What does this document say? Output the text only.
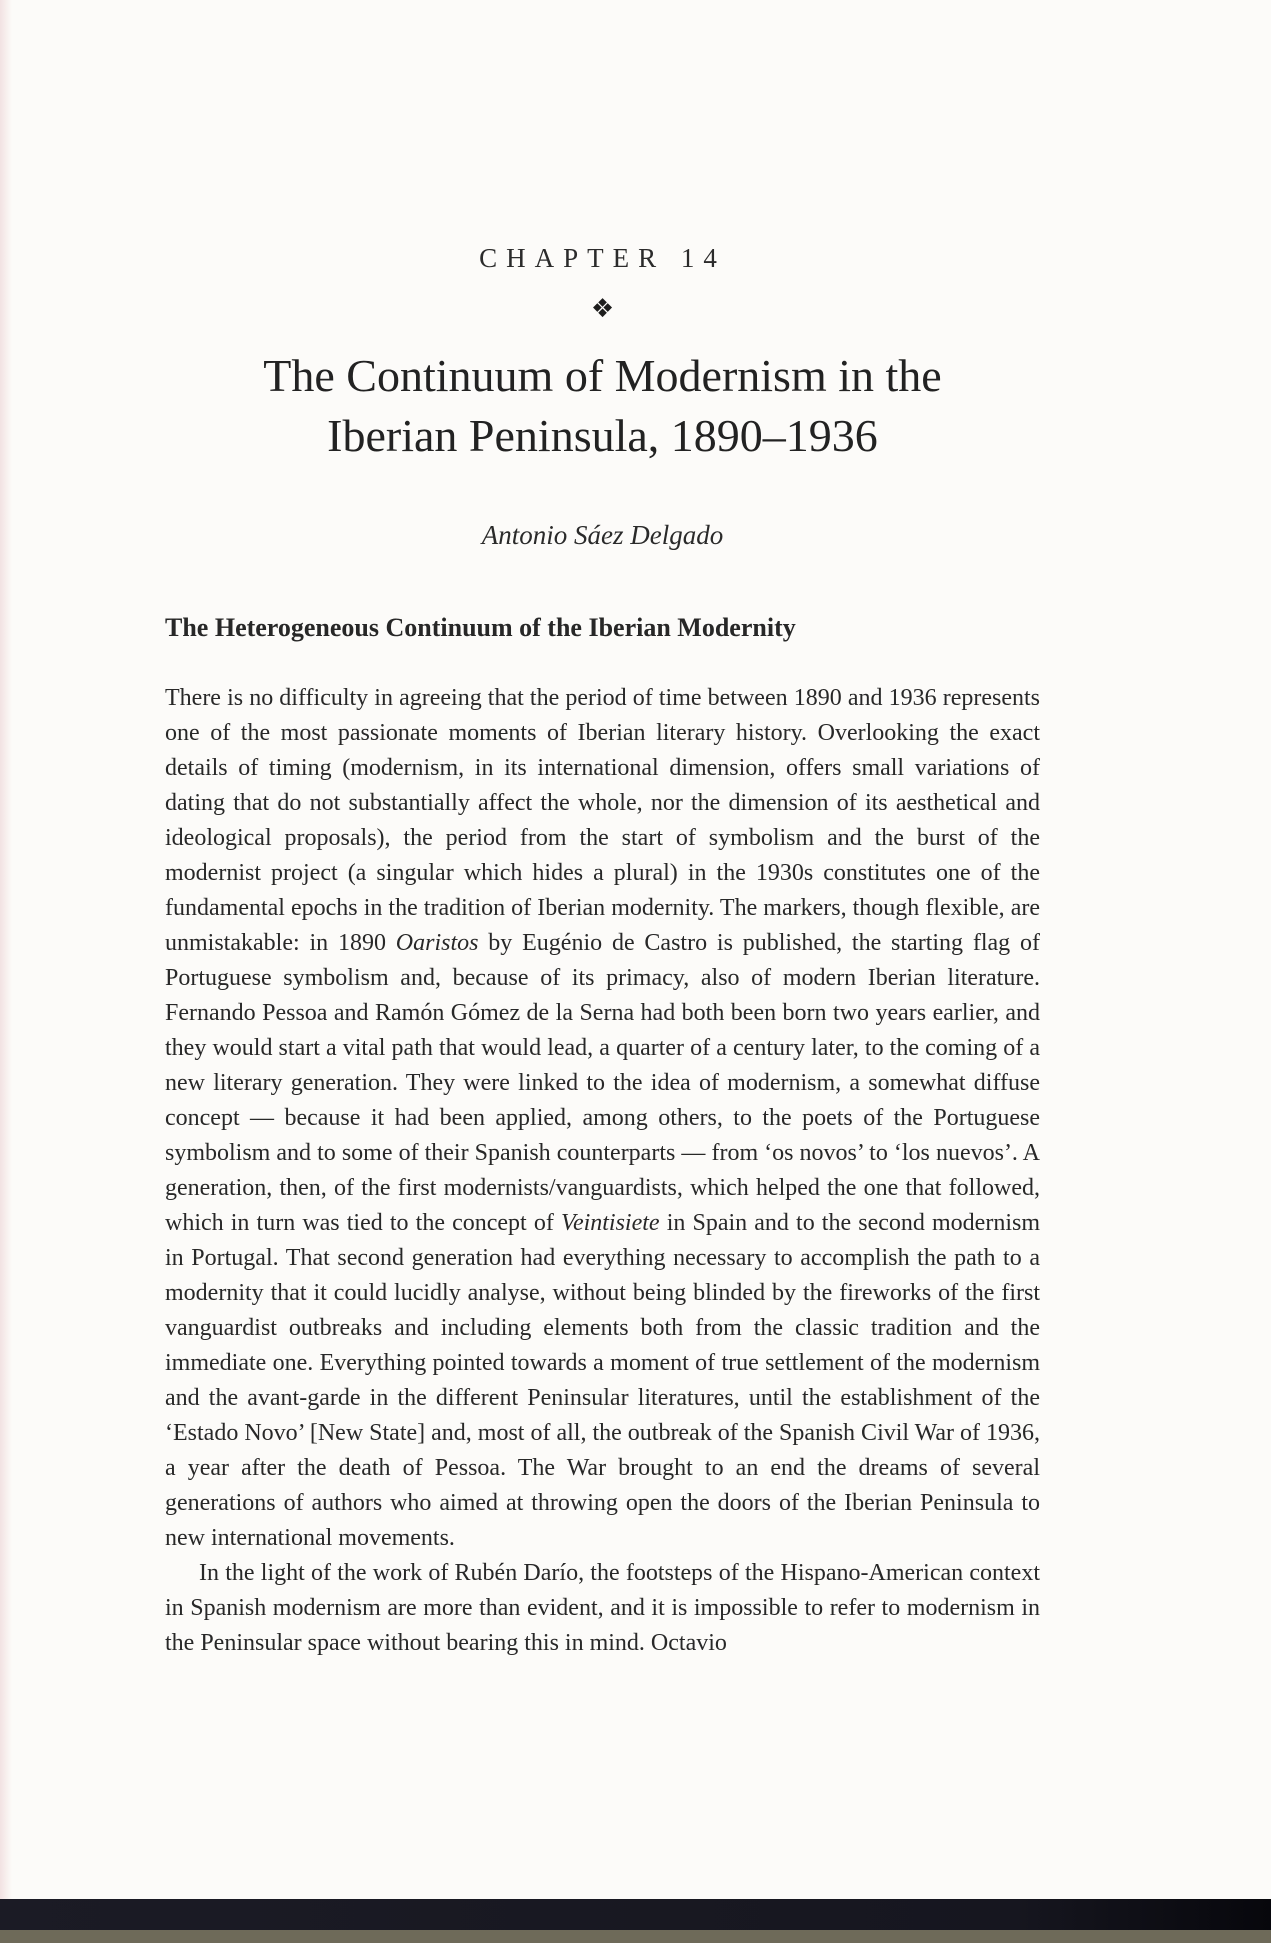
CHAPTER 14
❖
The Continuum of Modernism in the
Iberian Peninsula, 1890–1936
Antonio Sáez Delgado
The Heterogeneous Continuum of the Iberian Modernity

There is no difficulty in agreeing that the period of time between 1890 and 1936 represents one of the most passionate moments of Iberian literary history. Overlooking the exact details of timing (modernism, in its international dimension, offers small variations of dating that do not substantially affect the whole, nor the dimension of its aesthetical and ideological proposals), the period from the start of symbolism and the burst of the modernist project (a singular which hides a plural) in the 1930s constitutes one of the fundamental epochs in the tradition of Iberian modernity. The markers, though flexible, are unmistakable: in 1890 Oaristos by Eugénio de Castro is published, the starting flag of Portuguese symbolism and, because of its primacy, also of modern Iberian literature. Fernando Pessoa and Ramón Gómez de la Serna had both been born two years earlier, and they would start a vital path that would lead, a quarter of a century later, to the coming of a new literary generation. They were linked to the idea of modernism, a somewhat diffuse concept — because it had been applied, among others, to the poets of the Portuguese symbolism and to some of their Spanish counterparts — from ‘os novos’ to ‘los nuevos’. A generation, then, of the first modernists/vanguardists, which helped the one that followed, which in turn was tied to the concept of Veintisiete in Spain and to the second modernism in Portugal. That second generation had everything necessary to accomplish the path to a modernity that it could lucidly analyse, without being blinded by the fireworks of the first vanguardist outbreaks and including elements both from the classic tradition and the immediate one. Everything pointed towards a moment of true settlement of the modernism and the avant-garde in the different Peninsular literatures, until the establishment of the ‘Estado Novo’ [New State] and, most of all, the outbreak of the Spanish Civil War of 1936, a year after the death of Pessoa. The War brought to an end the dreams of several generations of authors who aimed at throwing open the doors of the Iberian Peninsula to new international movements.

In the light of the work of Rubén Darío, the footsteps of the Hispano-American context in Spanish modernism are more than evident, and it is impossible to refer to modernism in the Peninsular space without bearing this in mind. Octavio
